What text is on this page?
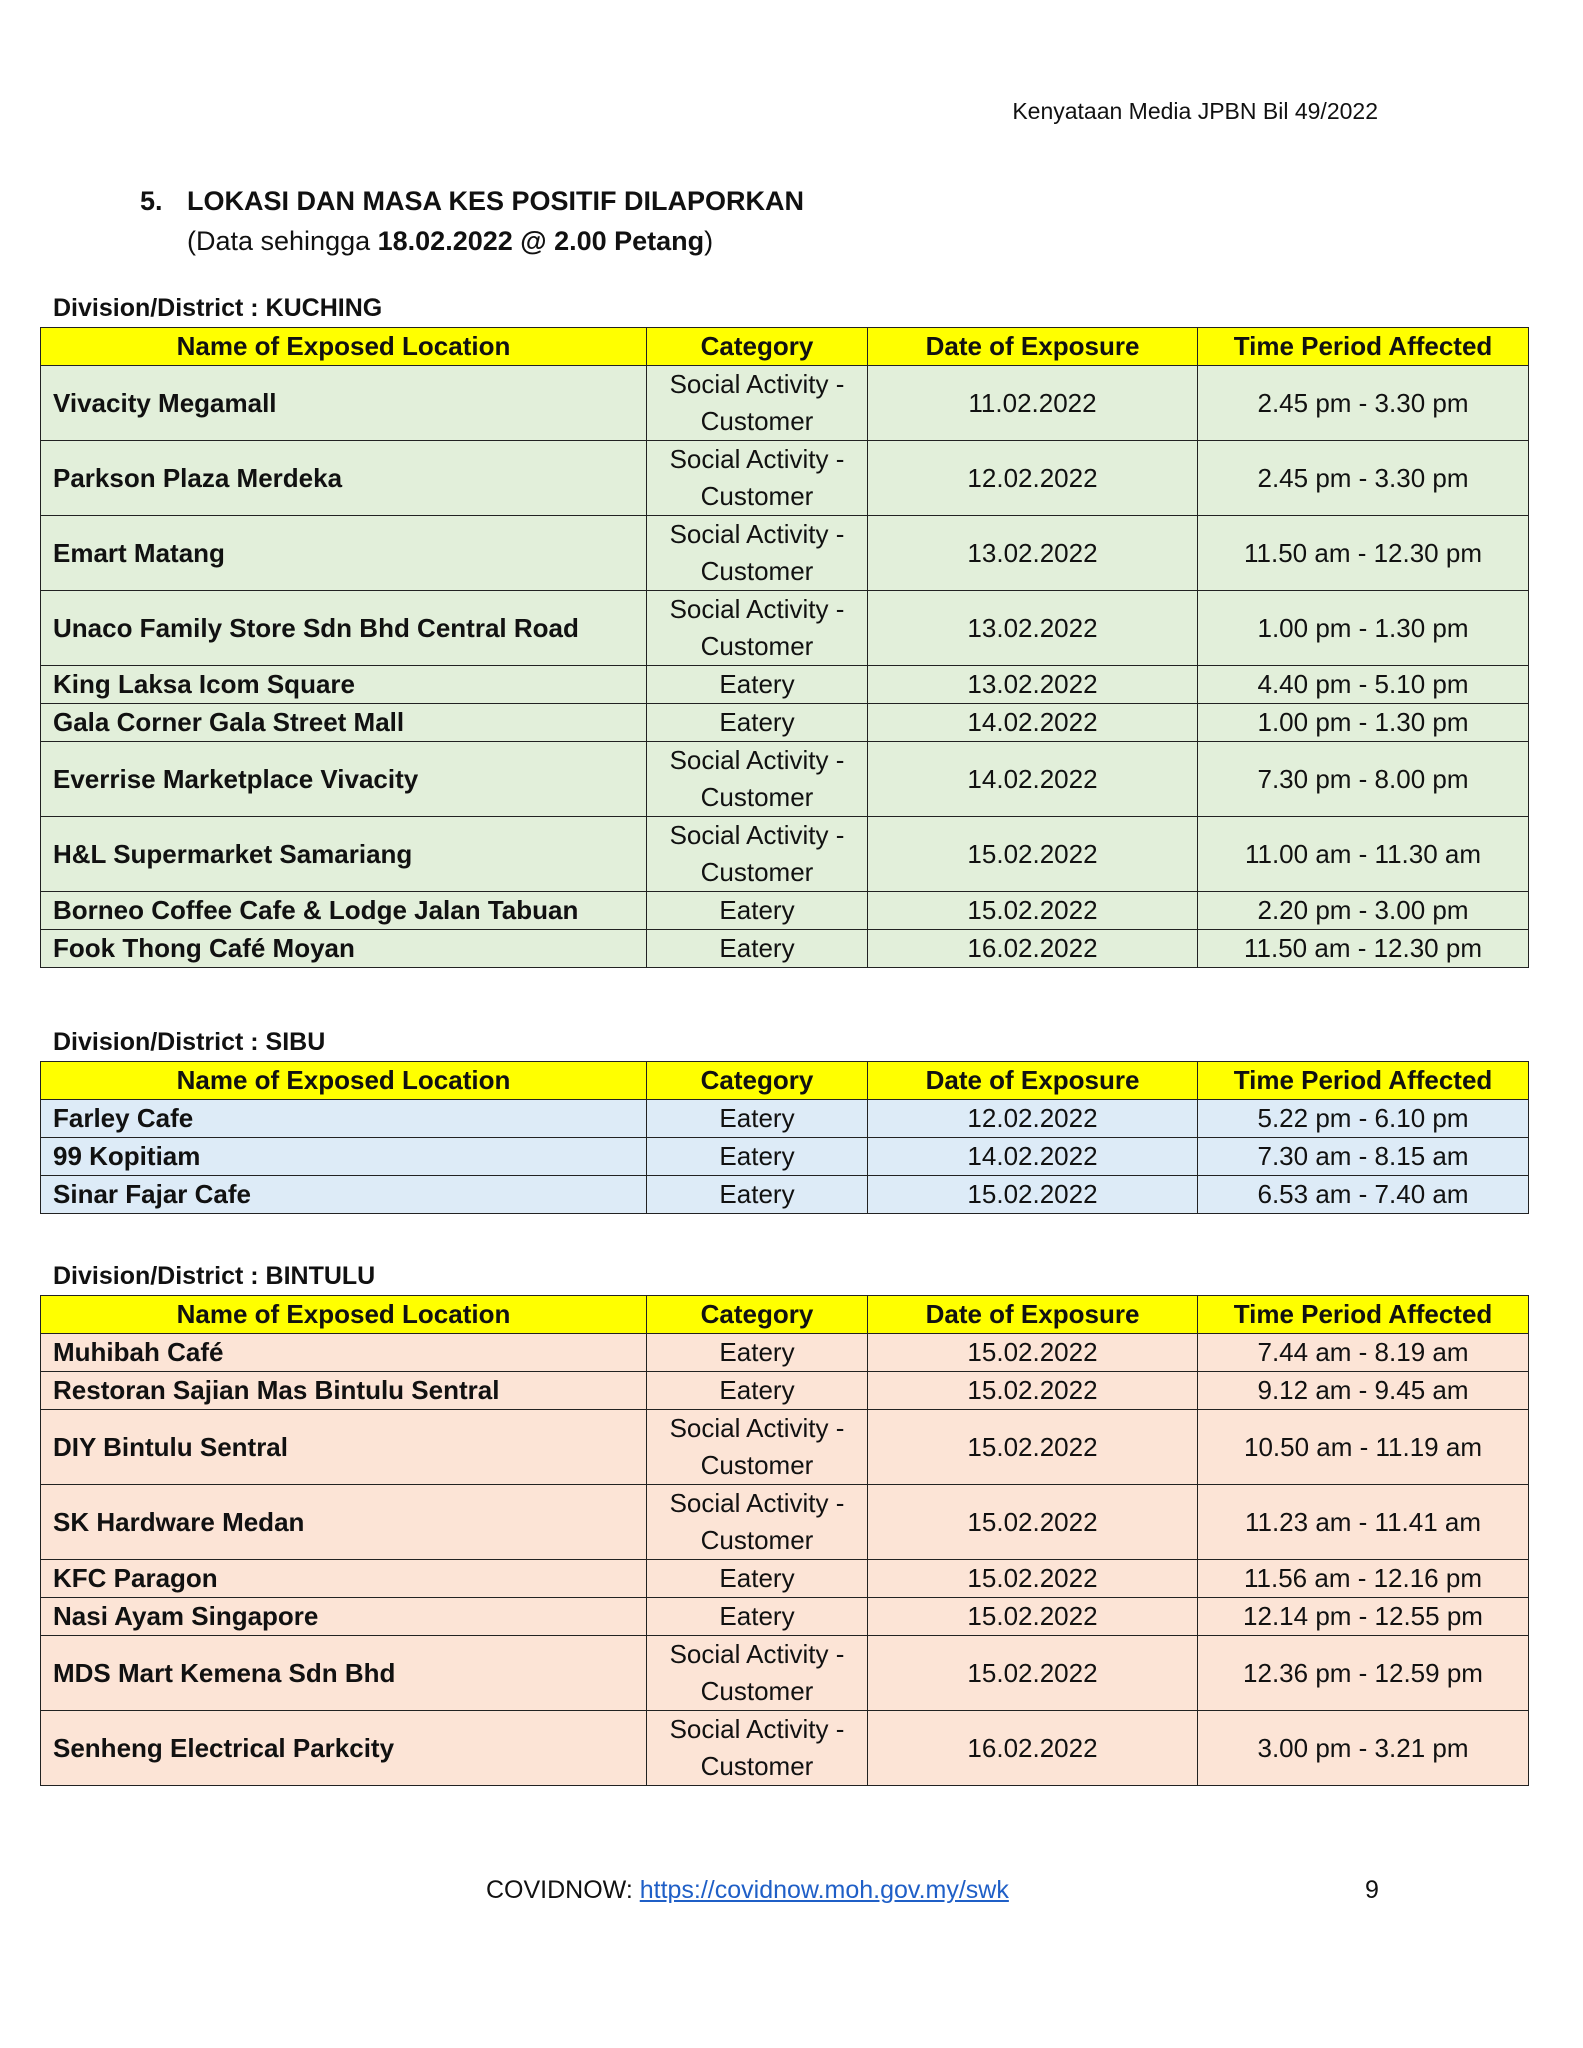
Kenyataan Media JPBN Bil 49/2022
5. LOKASI DAN MASA KES POSITIF DILAPORKAN
(Data sehingga 18.02.2022 @ 2.00 Petang)
Division/District : KUCHING
Name of Exposed Location	Category	Date of Exposure	Time Period Affected
Vivacity Megamall	Social Activity - Customer	11.02.2022	2.45 pm - 3.30 pm
Parkson Plaza Merdeka	Social Activity - Customer	12.02.2022	2.45 pm - 3.30 pm
Emart Matang	Social Activity - Customer	13.02.2022	11.50 am - 12.30 pm
Unaco Family Store Sdn Bhd Central Road	Social Activity - Customer	13.02.2022	1.00 pm - 1.30 pm
King Laksa Icom Square	Eatery	13.02.2022	4.40 pm - 5.10 pm
Gala Corner Gala Street Mall	Eatery	14.02.2022	1.00 pm - 1.30 pm
Everrise Marketplace Vivacity	Social Activity - Customer	14.02.2022	7.30 pm - 8.00 pm
H&L Supermarket Samariang	Social Activity - Customer	15.02.2022	11.00 am - 11.30 am
Borneo Coffee Cafe & Lodge Jalan Tabuan	Eatery	15.02.2022	2.20 pm - 3.00 pm
Fook Thong Café Moyan	Eatery	16.02.2022	11.50 am - 12.30 pm
Division/District : SIBU
Name of Exposed Location	Category	Date of Exposure	Time Period Affected
Farley Cafe	Eatery	12.02.2022	5.22 pm - 6.10 pm
99 Kopitiam	Eatery	14.02.2022	7.30 am - 8.15 am
Sinar Fajar Cafe	Eatery	15.02.2022	6.53 am - 7.40 am
Division/District : BINTULU
Name of Exposed Location	Category	Date of Exposure	Time Period Affected
Muhibah Café	Eatery	15.02.2022	7.44 am - 8.19 am
Restoran Sajian Mas Bintulu Sentral	Eatery	15.02.2022	9.12 am - 9.45 am
DIY Bintulu Sentral	Social Activity - Customer	15.02.2022	10.50 am - 11.19 am
SK Hardware Medan	Social Activity - Customer	15.02.2022	11.23 am - 11.41 am
KFC Paragon	Eatery	15.02.2022	11.56 am - 12.16 pm
Nasi Ayam Singapore	Eatery	15.02.2022	12.14 pm - 12.55 pm
MDS Mart Kemena Sdn Bhd	Social Activity - Customer	15.02.2022	12.36 pm - 12.59 pm
Senheng Electrical Parkcity	Social Activity - Customer	16.02.2022	3.00 pm - 3.21 pm
COVIDNOW: https://covidnow.moh.gov.my/swk	9
